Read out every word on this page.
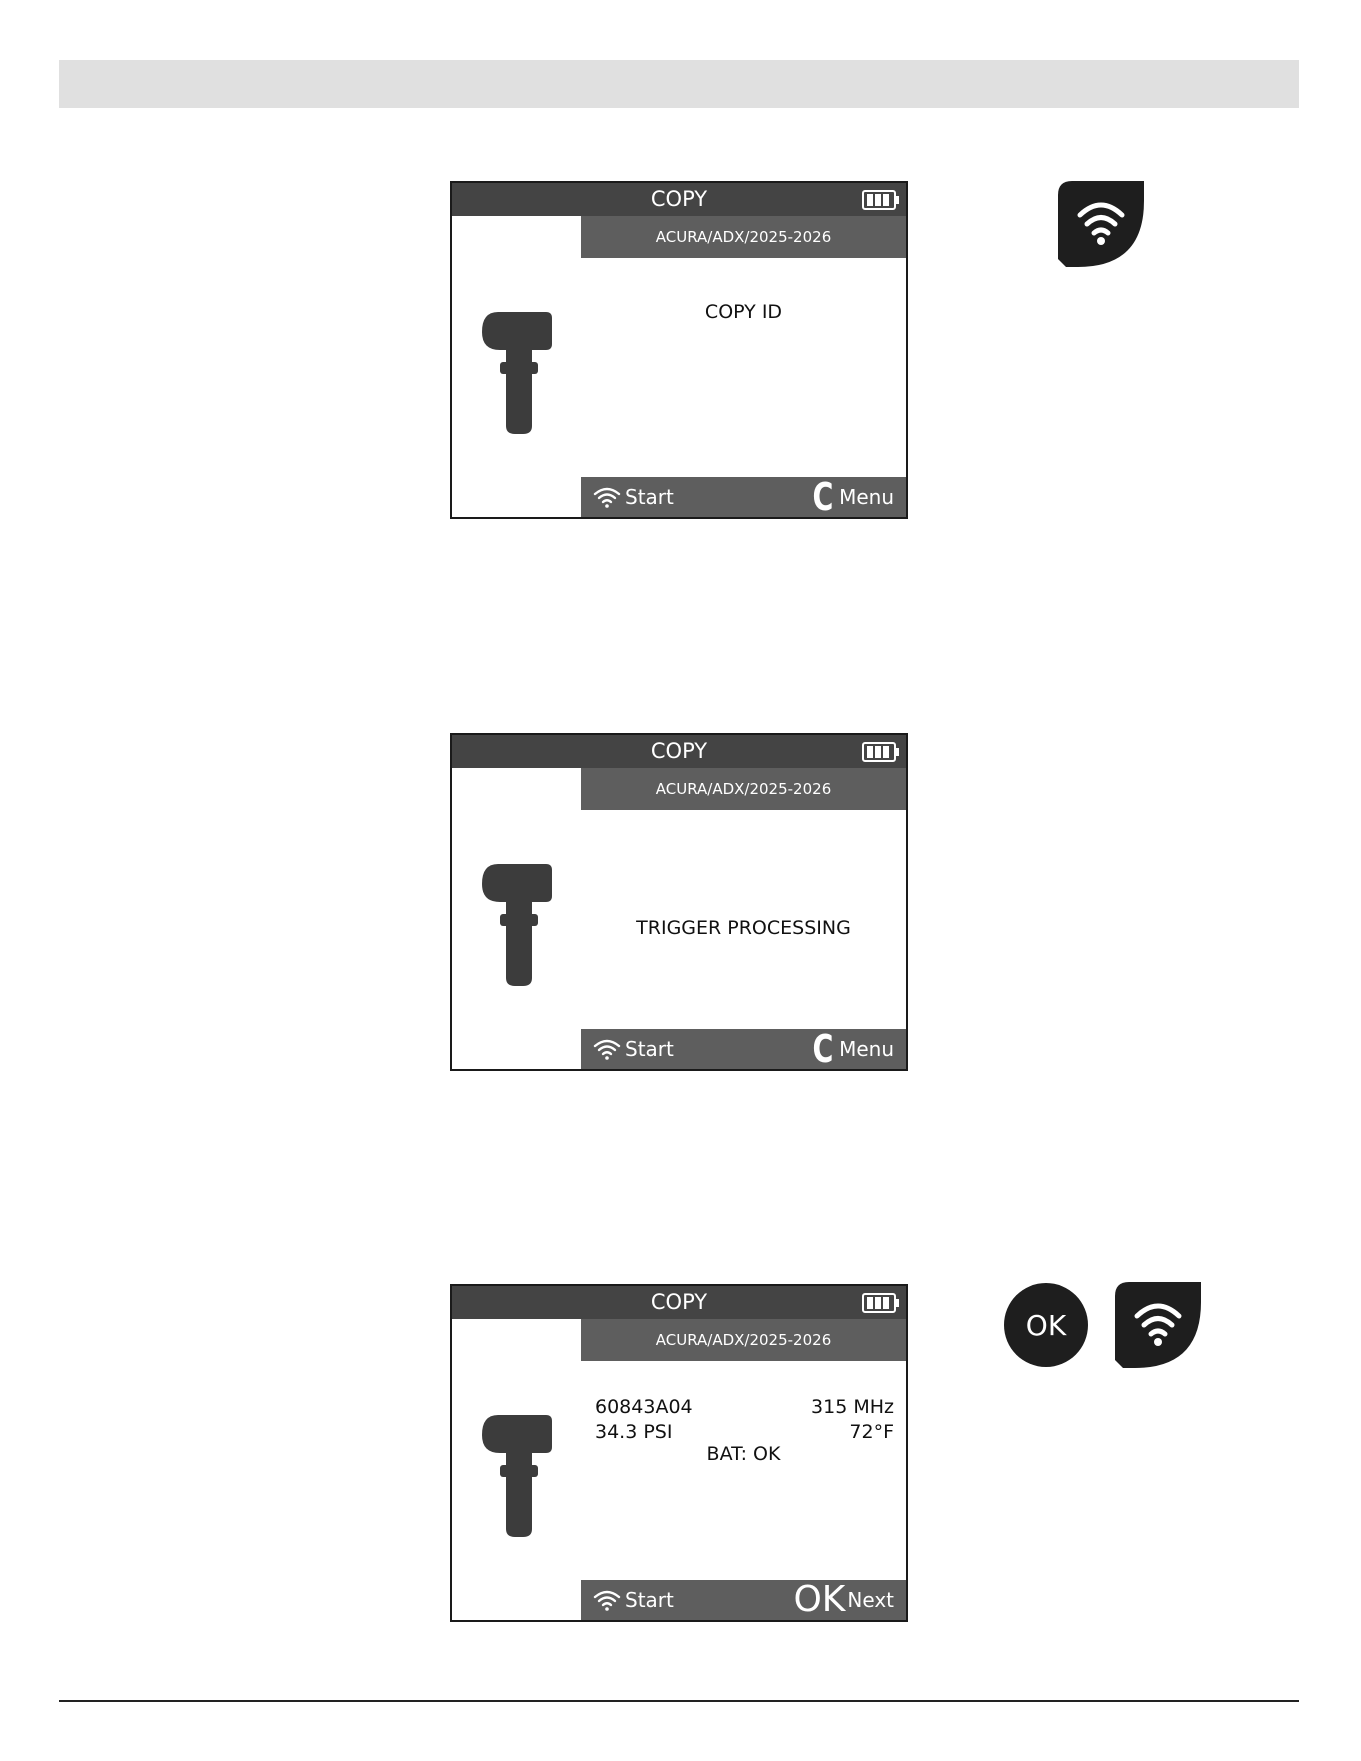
COPY
ACURA/ADX/2025-2026
COPY ID
Start	C Menu
COPY
ACURA/ADX/2025-2026
TRIGGER PROCESSING
Start	C Menu
COPY
ACURA/ADX/2025-2026
60843A04	315 MHz
34.3 PSI	72°F
BAT: OK
Start	OK Next
OK
